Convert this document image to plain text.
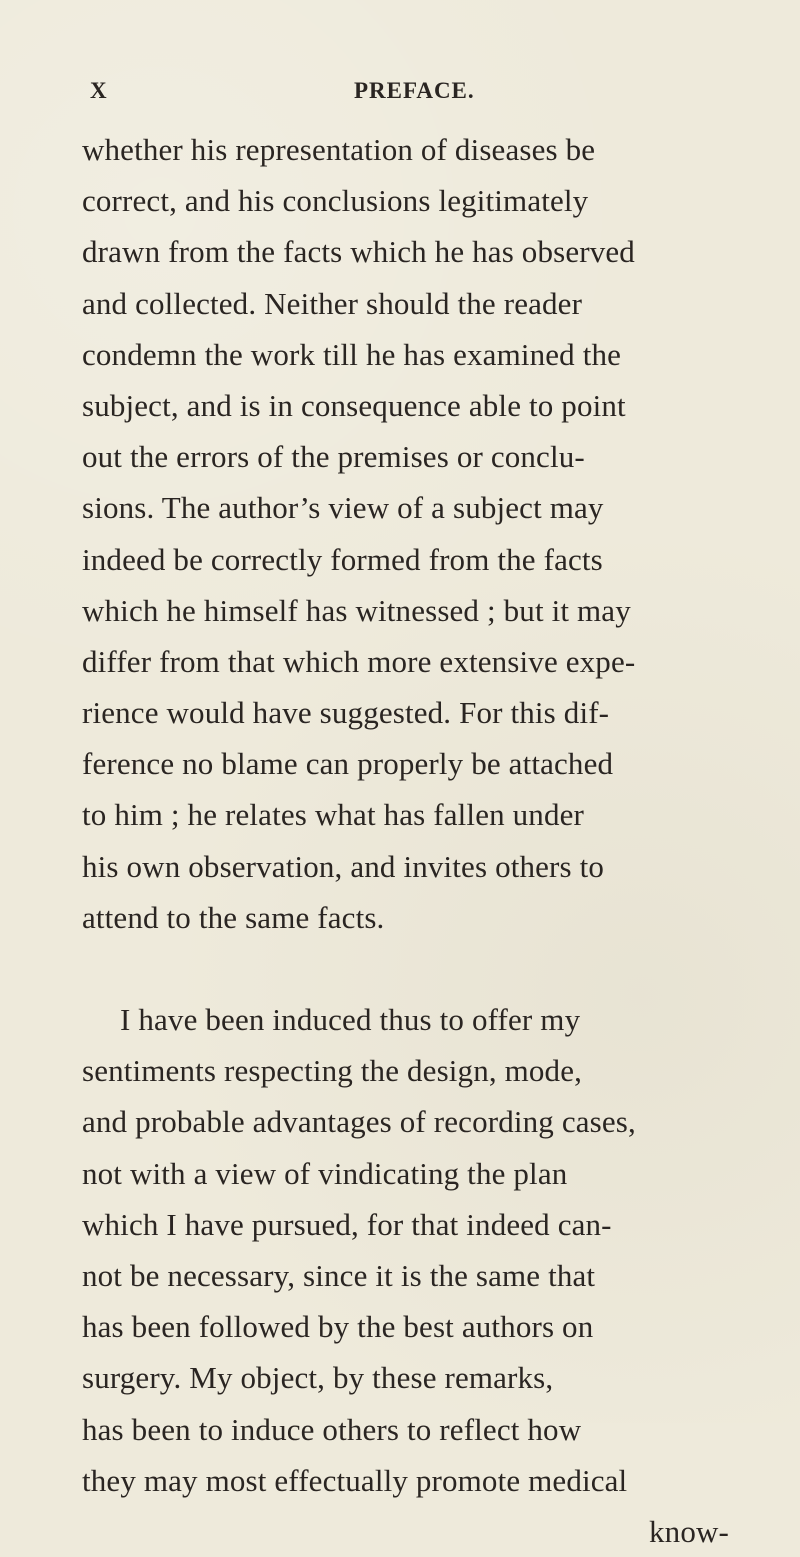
X	PREFACE.
whether his representation of diseases be
correct, and his conclusions legitimately
drawn from the facts which he has observed
and collected. Neither should the reader
condemn the work till he has examined the
subject, and is in consequence able to point
out the errors of the premises or conclu-
sions. The author’s view of a subject may
indeed be correctly formed from the facts
which he himself has witnessed ; but it may
differ from that which more extensive expe-
rience would have suggested. For this dif-
ference no blame can properly be attached
to him ; he relates what has fallen under
his own observation, and invites others to
attend to the same facts.
I have been induced thus to offer my
sentiments respecting the design, mode,
and probable advantages of recording cases,
not with a view of vindicating the plan
which I have pursued, for that indeed can-
not be necessary, since it is the same that
has been followed by the best authors on
surgery. My object, by these remarks,
has been to induce others to reflect how
they may most effectually promote medical
know-
